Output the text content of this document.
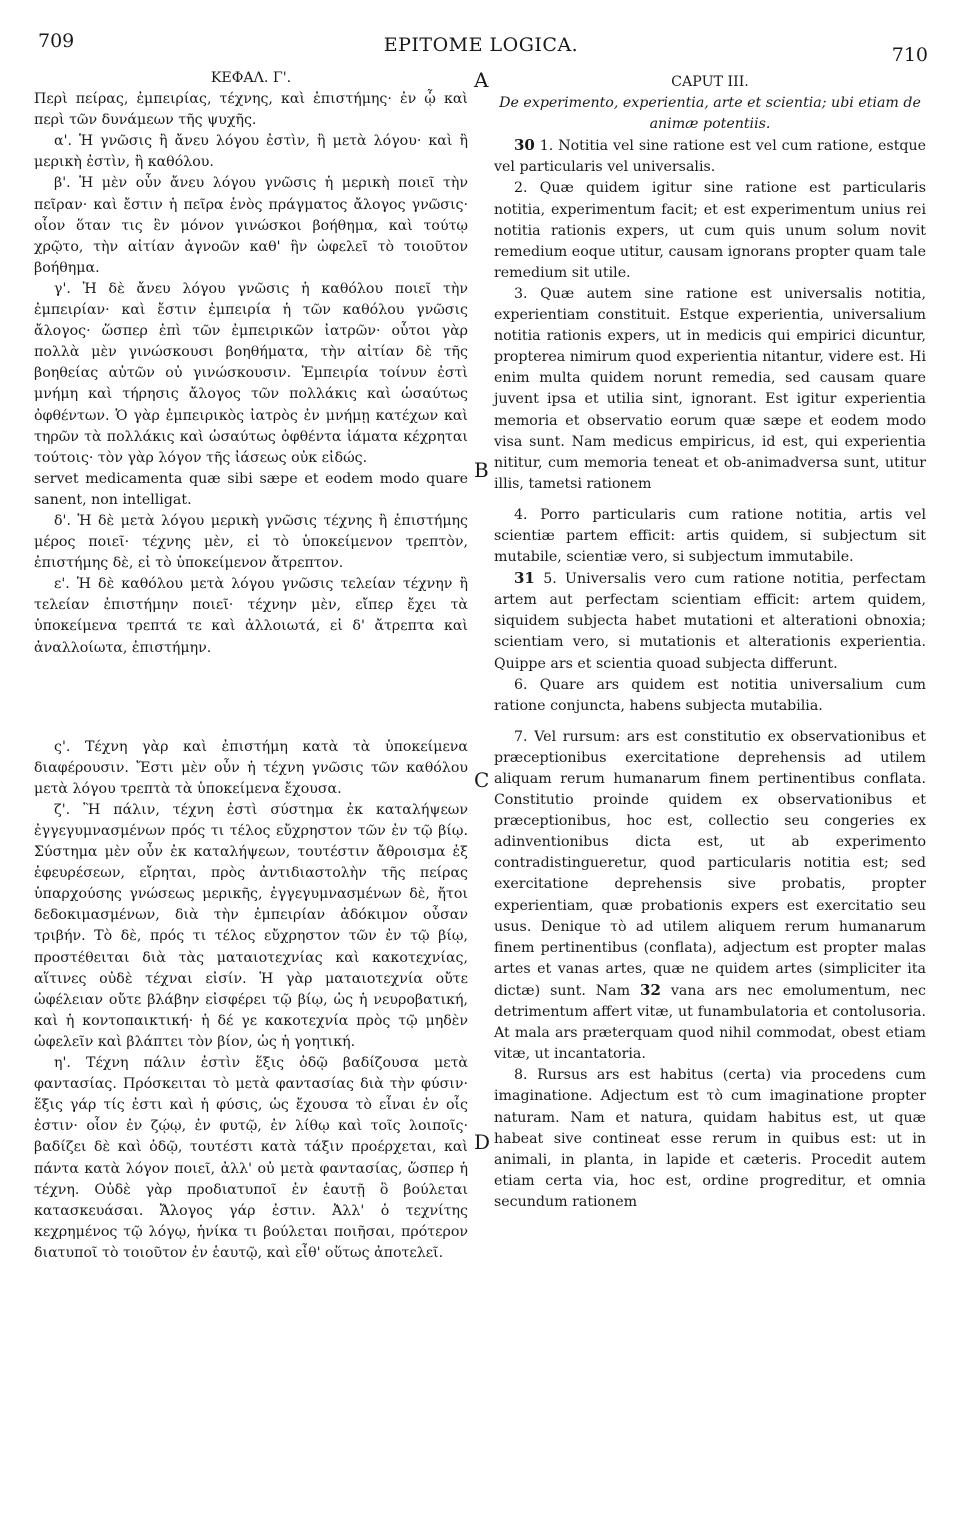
709	EPITOME LOGICA.	710
A
B
C
D

ΚΕΦΑΛ. Γ'.

Περὶ πείρας, ἐμπειρίας, τέχνης, καὶ ἐπιστήμης· ἐν ᾧ καὶ περὶ τῶν δυνάμεων τῆς ψυχῆς.

α'. Ἡ γνῶσις ἢ ἄνευ λόγου ἐστὶν, ἢ μετὰ λόγου· καὶ ἢ μερικὴ ἐστὶν, ἢ καθόλου.

β'. Ἡ μὲν οὖν ἄνευ λόγου γνῶσις ἡ μερικὴ ποιεῖ τὴν πεῖραν· καὶ ἔστιν ἡ πεῖρα ἑνὸς πράγματος ἄλογος γνῶσις· οἷον ὅταν τις ἓν μόνον γινώσκοι βοήθημα, καὶ τούτῳ χρῷτο, τὴν αἰτίαν ἀγνοῶν καθ' ἣν ὠφελεῖ τὸ τοιοῦτον βοήθημα.

γ'. Ἡ δὲ ἄνευ λόγου γνῶσις ἡ καθόλου ποιεῖ τὴν ἐμπειρίαν· καὶ ἔστιν ἐμπειρία ἡ τῶν καθόλου γνῶσις ἄλογος· ὥσπερ ἐπὶ τῶν ἐμπειρικῶν ἰατρῶν· οὗτοι γὰρ πολλὰ μὲν γινώσκουσι βοηθήματα, τὴν αἰτίαν δὲ τῆς βοηθείας αὐτῶν οὐ γινώσκουσιν. Ἐμπειρία τοίνυν ἐστὶ μνήμη καὶ τήρησις ἄλογος τῶν πολλάκις καὶ ὡσαύτως ὀφθέντων. Ὁ γὰρ ἐμπειρικὸς ἰατρὸς ἐν μνήμῃ κατέχων καὶ τηρῶν τὰ πολλάκις καὶ ὡσαύτως ὀφθέντα ἰάματα κέχρηται τούτοις· τὸν γὰρ λόγον τῆς ἰάσεως οὐκ εἰδώς.

servet medicamenta quæ sibi sæpe et eodem modo quare sanent, non intelligat.

δ'. Ἡ δὲ μετὰ λόγου μερικὴ γνῶσις τέχνης ἢ ἐπιστήμης μέρος ποιεῖ· τέχνης μὲν, εἰ τὸ ὑποκείμενον τρεπτὸν, ἐπιστήμης δὲ, εἰ τὸ ὑποκείμενον ἄτρεπτον.

ε'. Ἡ δὲ καθόλου μετὰ λόγου γνῶσις τελείαν τέχνην ἢ τελείαν ἐπιστήμην ποιεῖ· τέχνην μὲν, εἴπερ ἔχει τὰ ὑποκείμενα τρεπτά τε καὶ ἀλλοιωτά, εἰ δ' ἄτρεπτα καὶ ἀναλλοίωτα, ἐπιστήμην.

ς'. Τέχνη γὰρ καὶ ἐπιστήμη κατὰ τὰ ὑποκείμενα διαφέρουσιν. Ἔστι μὲν οὖν ἡ τέχνη γνῶσις τῶν καθόλου μετὰ λόγου τρεπτὰ τὰ ὑποκείμενα ἔχουσα.

ζ'. Ἢ πάλιν, τέχνη ἐστὶ σύστημα ἐκ καταλήψεων ἐγγεγυμνασμένων πρός τι τέλος εὔχρηστον τῶν ἐν τῷ βίῳ. Σύστημα μὲν οὖν ἐκ καταλήψεων, τουτέστιν ἄθροισμα ἐξ ἐφευρέσεων, εἴρηται, πρὸς ἀντιδιαστολὴν τῆς πείρας ὑπαρχούσης γνώσεως μερικῆς, ἐγγεγυμνασμένων δὲ, ἤτοι δεδοκιμασμένων, διὰ τὴν ἐμπειρίαν ἀδόκιμον οὖσαν τριβήν. Τὸ δὲ, πρός τι τέλος εὔχρηστον τῶν ἐν τῷ βίῳ, προστέθειται διὰ τὰς ματαιοτεχνίας καὶ κακοτεχνίας, αἵτινες οὐδὲ τέχναι εἰσίν. Ἡ γὰρ ματαιοτεχνία οὔτε ὠφέλειαν οὔτε βλάβην εἰσφέρει τῷ βίῳ, ὡς ἡ νευροβατική, καὶ ἡ κοντοπαικτική· ἡ δέ γε κακοτεχνία πρὸς τῷ μηδὲν ὠφελεῖν καὶ βλάπτει τὸν βίον, ὡς ἡ γοητική.

η'. Τέχνη πάλιν ἐστὶν ἕξις ὁδῷ βαδίζουσα μετὰ φαντασίας. Πρόσκειται τὸ μετὰ φαντασίας διὰ τὴν φύσιν· ἕξις γάρ τίς ἐστι καὶ ἡ φύσις, ὡς ἔχουσα τὸ εἶναι ἐν οἷς ἐστιν· οἷον ἐν ζῴῳ, ἐν φυτῷ, ἐν λίθῳ καὶ τοῖς λοιποῖς· βαδίζει δὲ καὶ ὁδῷ, τουτέστι κατὰ τάξιν προέρχεται, καὶ πάντα κατὰ λόγον ποιεῖ, ἀλλ' οὐ μετὰ φαντασίας, ὥσπερ ἡ τέχνη. Οὐδὲ γὰρ προδιατυποῖ ἐν ἑαυτῇ ὃ βούλεται κατασκευάσαι. Ἄλογος γάρ ἐστιν. Ἀλλ' ὁ τεχνίτης κεχρημένος τῷ λόγῳ, ἡνίκα τι βούλεται ποιῆσαι, πρότερον διατυποῖ τὸ τοιοῦτον ἐν ἑαυτῷ, καὶ εἶθ' οὕτως ἀποτελεῖ.

CAPUT III.

De experimento, experientia, arte et scientia; ubi etiam de animæ potentiis.

30 1. Notitia vel sine ratione est vel cum ratione, estque vel particularis vel universalis.

2. Quæ quidem igitur sine ratione est particularis notitia, experimentum facit; et est experimentum unius rei notitia rationis expers, ut cum quis unum solum novit remedium eoque utitur, causam ignorans propter quam tale remedium sit utile.

3. Quæ autem sine ratione est universalis notitia, experientiam constituit. Estque experientia, universalium notitia rationis expers, ut in medicis qui empirici dicuntur, propterea nimirum quod experientia nitantur, videre est. Hi enim multa quidem norunt remedia, sed causam quare juvent ipsa et utilia sint, ignorant. Est igitur experientia memoria et observatio eorum quæ sæpe et eodem modo visa sunt. Nam medicus empiricus, id est, qui experientia nititur, cum memoria teneat et ob-animadversa sunt, utitur illis, tametsi rationem

4. Porro particularis cum ratione notitia, artis vel scientiæ partem efficit: artis quidem, si subjectum sit mutabile, scientiæ vero, si subjectum immutabile.

31 5. Universalis vero cum ratione notitia, perfectam artem aut perfectam scientiam efficit: artem quidem, siquidem subjecta habet mutationi et alterationi obnoxia; scientiam vero, si mutationis et alterationis experientia. Quippe ars et scientia quoad subjecta differunt.

6. Quare ars quidem est notitia universalium cum ratione conjuncta, habens subjecta mutabilia.

7. Vel rursum: ars est constitutio ex observationibus et præceptionibus exercitatione deprehensis ad utilem aliquam rerum humanarum finem pertinentibus conflata. Constitutio proinde quidem ex observationibus et præceptionibus, hoc est, collectio seu congeries ex adinventionibus dicta est, ut ab experimento contradistingueretur, quod particularis notitia est; sed exercitatione deprehensis sive probatis, propter experientiam, quæ probationis expers est exercitatio seu usus. Denique τὸ ad utilem aliquem rerum humanarum finem pertinentibus (conflata), adjectum est propter malas artes et vanas artes, quæ ne quidem artes (simpliciter ita dictæ) sunt. Nam 32 vana ars nec emolumentum, nec detrimentum affert vitæ, ut funambulatoria et contolusoria. At mala ars præterquam quod nihil commodat, obest etiam vitæ, ut incantatoria.

8. Rursus ars est habitus (certa) via procedens cum imaginatione. Adjectum est τὸ cum imaginatione propter naturam. Nam et natura, quidam habitus est, ut quæ habeat sive contineat esse rerum in quibus est: ut in animali, in planta, in lapide et cæteris. Procedit autem etiam certa via, hoc est, ordine progreditur, et omnia secundum rationem
